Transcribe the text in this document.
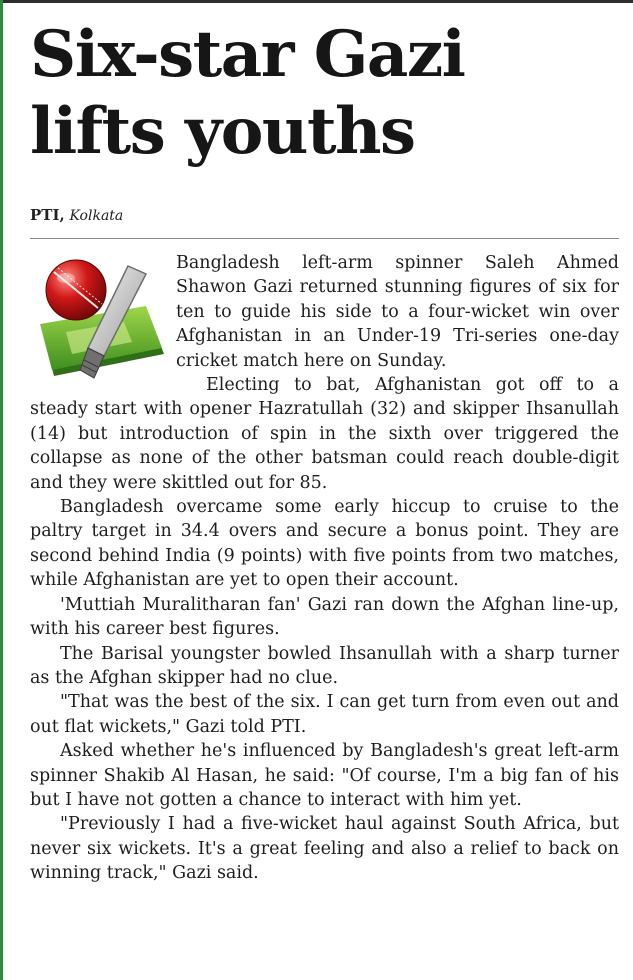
Six-star Gazi lifts youths
PTI, Kolkata

Bangladesh left-arm spinner Saleh Ahmed Shawon Gazi returned stunning figures of six for ten to guide his side to a four-wicket win over Afghanistan in an Under-19 Tri-series one-day cricket match here on Sunday.

Electing to bat, Afghanistan got off to a steady start with opener Hazratullah (32) and skipper Ihsanullah (14) but introduction of spin in the sixth over triggered the collapse as none of the other batsman could reach double-digit and they were skittled out for 85.

Bangladesh overcame some early hiccup to cruise to the paltry target in 34.4 overs and secure a bonus point. They are second behind India (9 points) with five points from two matches, while Afghanistan are yet to open their account.

'Muttiah Muralitharan fan' Gazi ran down the Afghan line-up, with his career best figures.

The Barisal youngster bowled Ihsanullah with a sharp turner as the Afghan skipper had no clue.

"That was the best of the six. I can get turn from even out and out flat wickets," Gazi told PTI.

Asked whether he's influenced by Bangladesh's great left-arm spinner Shakib Al Hasan, he said: "Of course, I'm a big fan of his but I have not gotten a chance to interact with him yet.

"Previously I had a five-wicket haul against South Africa, but never six wickets. It's a great feeling and also a relief to back on winning track," Gazi said.
